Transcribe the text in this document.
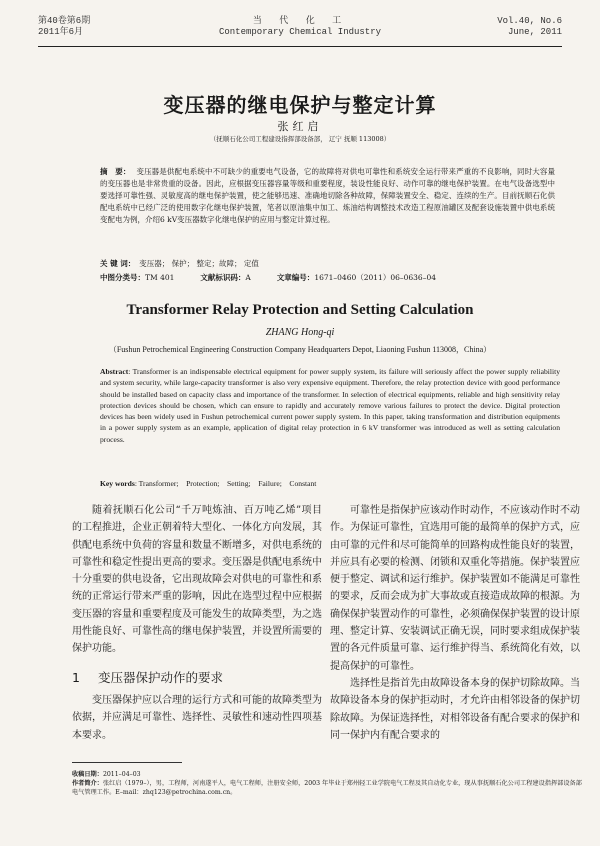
第40卷第6期
2011年6月
当 代 化 工
Contemporary Chemical Industry
Vol.40, No.6
June, 2011
变压器的继电保护与整定计算
张红启
（抚顺石化公司工程建设指挥部设备部， 辽宁 抚顺 113008）
摘　要： 变压器是供配电系统中不可缺少的重要电气设备，它的故障将对供电可靠性和系统安全运行带来严重的不良影响，同时大容量的变压器也是非常贵重的设备。因此，应根据变压器容量等级和重要程度，装设性能良好、动作可靠的继电保护装置。在电气设备选型中要选择可靠性强、灵敏度高的继电保护装置，使之能够迅速、准确地切除各种故障，保障装置安全、稳定、连续的生产。目前抚顺石化供配电系统中已经广泛的使用数字化继电保护装置，笔者以原油集中加工、炼油结构调整技术改造工程原油罐区及配套设施装置中供电系统变配电为例，介绍6 kV变压器数字化继电保护的应用与整定计算过程。
关 键 词： 变压器； 保护； 整定；故障； 定值
中图分类号：TM 401	文献标识码：A	文章编号：1671–0460（2011）06–0636–04
Transformer Relay Protection and Setting Calculation
ZHANG Hong-qi
（Fushun Petrochemical Engineering Construction Company Headquarters Depot, Liaoning Fushun 113008，China）
Abstract: Transformer is an indispensable electrical equipment for power supply system, its failure will seriously affect the power supply reliability and system security, while large-capacity transformer is also very expensive equipment. Therefore, the relay protection device with good performance should be installed based on capacity class and importance of the transformer. In selection of electrical equipments, reliable and high sensitivity relay protection devices should be chosen, which can ensure to rapidly and accurately remove various failures to protect the device. Digital protection devices has been widely used in Fushun petrochemical current power supply system. In this paper, taking transformation and distribution equipments in a power supply system as an example, application of digital relay protection in 6 kV transformer was introduced as well as setting calculation process.
Key words: Transformer;　Protection;　Setting;　Failure;　Constant

随着抚顺石化公司“千万吨炼油、百万吨乙烯”项目的工程推进，企业正朝着特大型化、一体化方向发展，其供配电系统中负荷的容量和数量不断增多，对供电系统的可靠性和稳定性提出更高的要求。变压器是供配电系统中十分重要的供电设备，它出现故障会对供电的可靠性和系统的正常运行带来严重的影响，因此在选型过程中应根据变压器的容量和重要程度及可能发生的故障类型，为之选用性能良好、可靠性高的继电保护装置，并设置所需要的保护功能。

1 变压器保护动作的要求

变压器保护应以合理的运行方式和可能的故障类型为依据，并应满足可靠性、选择性、灵敏性和速动性四项基本要求。

可靠性是指保护应该动作时动作，不应该动作时不动作。为保证可靠性，宜选用可能的最简单的保护方式，应由可靠的元件和尽可能简单的回路构成性能良好的装置，并应具有必要的检测、闭锁和双重化等措施。保护装置应便于整定、调试和运行维护。保护装置如不能满足可靠性的要求，反而会成为扩大事故或直接造成故障的根源。为确保保护装置动作的可靠性，必须确保保护装置的设计原理、整定计算、安装调试正确无误，同时要求组成保护装置的各元件质量可靠、运行维护得当、系统简化有效，以提高保护的可靠性。

选择性是指首先由故障设备本身的保护切除故障。当故障设备本身的保护拒动时，才允许由相邻设备的保护切除故障。为保证选择性，对相邻设备有配合要求的保护和同一保护内有配合要求的

收稿日期：2011–04–03
作者简介：张红启（1979–），男，工程师，河南遂平人，电气工程师，注册安全师，2003 年毕业于郑州轻工业学院电气工程及其自动化专业，现从事抚顺石化公司工程建设指挥部设备部电气管理工作。E–mail：zhq123@petrochina.com.cn。
